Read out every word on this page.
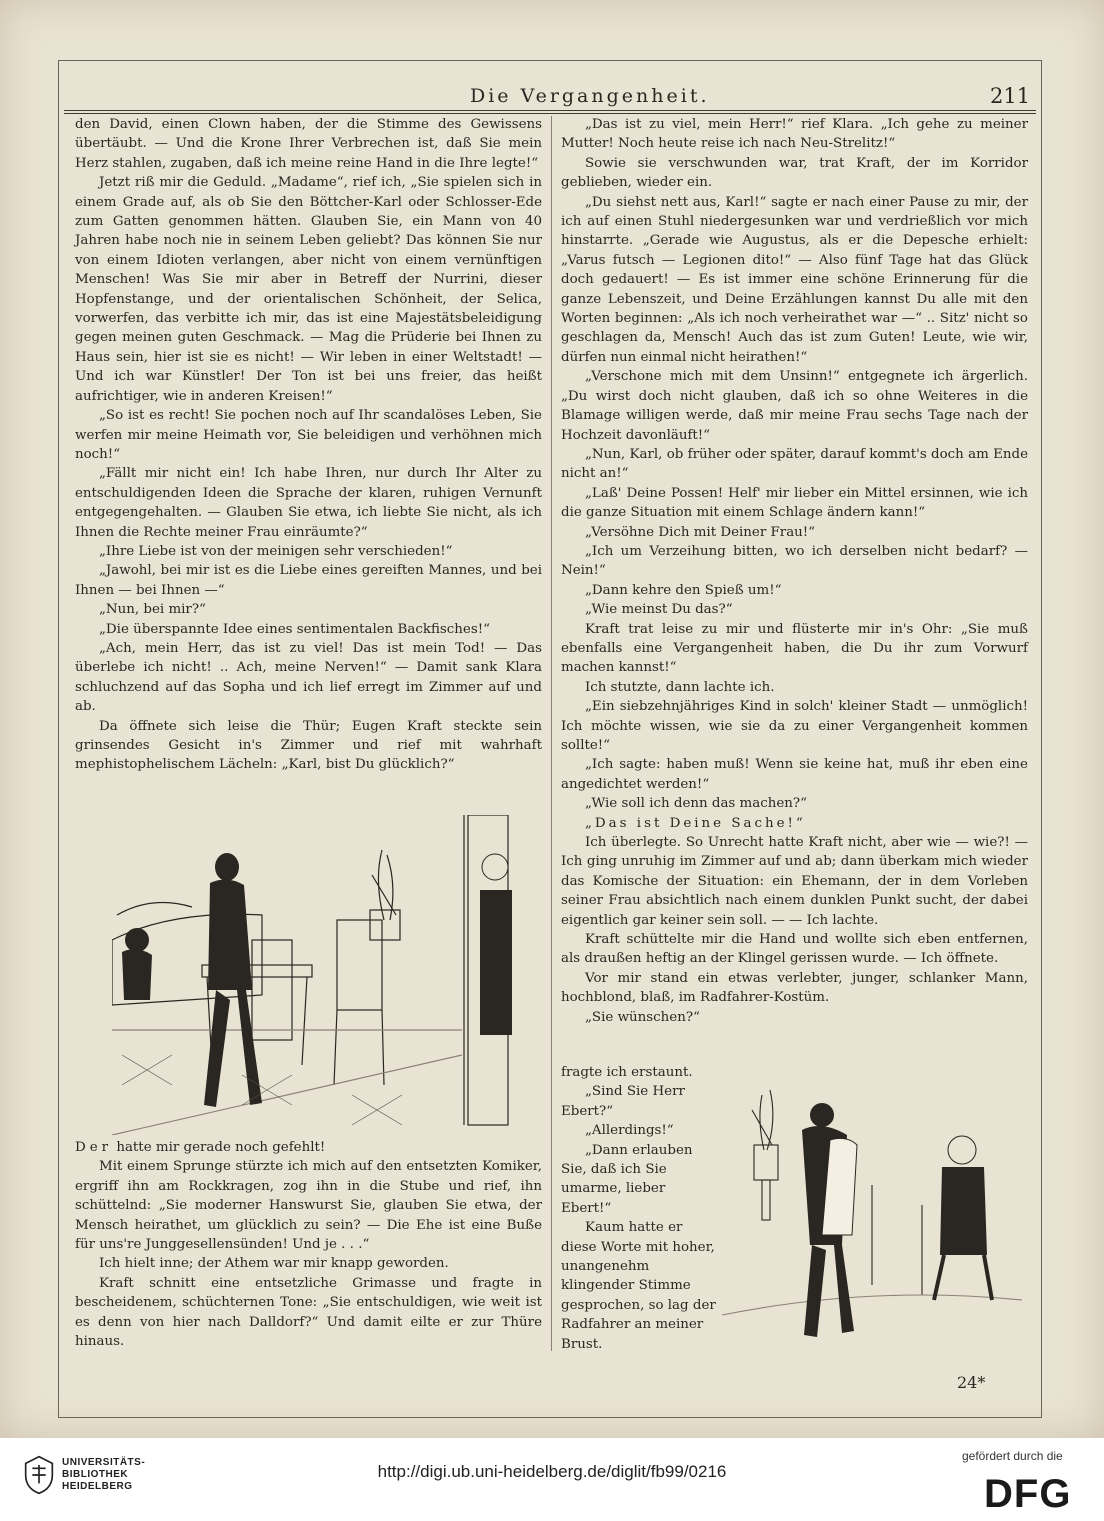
Die Vergangenheit.	211

den David, einen Clown haben, der die Stimme des Gewissens übertäubt. — Und die Krone Ihrer Verbrechen ist, daß Sie mein Herz stahlen, zugaben, daß ich meine reine Hand in die Ihre legte!“

Jetzt riß mir die Geduld. „Madame“, rief ich, „Sie spielen sich in einem Grade auf, als ob Sie den Böttcher-Karl oder Schlosser-Ede zum Gatten genommen hätten. Glauben Sie, ein Mann von 40 Jahren habe noch nie in seinem Leben geliebt? Das können Sie nur von einem Idioten verlangen, aber nicht von einem vernünftigen Menschen! Was Sie mir aber in Betreff der Nurrini, dieser Hopfenstange, und der orientalischen Schönheit, der Selica, vorwerfen, das verbitte ich mir, das ist eine Majestätsbeleidigung gegen meinen guten Geschmack. — Mag die Prüderie bei Ihnen zu Haus sein, hier ist sie es nicht! — Wir leben in einer Weltstadt! — Und ich war Künstler! Der Ton ist bei uns freier, das heißt aufrichtiger, wie in anderen Kreisen!“

„So ist es recht! Sie pochen noch auf Ihr scandalöses Leben, Sie werfen mir meine Heimath vor, Sie beleidigen und verhöhnen mich noch!“

„Fällt mir nicht ein! Ich habe Ihren, nur durch Ihr Alter zu entschuldigenden Ideen die Sprache der klaren, ruhigen Vernunft entgegengehalten. — Glauben Sie etwa, ich liebte Sie nicht, als ich Ihnen die Rechte meiner Frau einräumte?“

„Ihre Liebe ist von der meinigen sehr verschieden!“

„Jawohl, bei mir ist es die Liebe eines gereiften Mannes, und bei Ihnen — bei Ihnen —“

„Nun, bei mir?“

„Die überspannte Idee eines sentimentalen Backfisches!“

„Ach, mein Herr, das ist zu viel! Das ist mein Tod! — Das überlebe ich nicht! .. Ach, meine Nerven!“ — Damit sank Klara schluchzend auf das Sopha und ich lief erregt im Zimmer auf und ab.

Da öffnete sich leise die Thür; Eugen Kraft steckte sein grinsendes Gesicht in's Zimmer und rief mit wahrhaft mephistophelischem Lächeln: „Karl, bist Du glücklich?“

Der hatte mir gerade noch gefehlt!

Mit einem Sprunge stürzte ich mich auf den entsetzten Komiker, ergriff ihn am Rockkragen, zog ihn in die Stube und rief, ihn schüttelnd: „Sie moderner Hanswurst Sie, glauben Sie etwa, der Mensch heirathet, um glücklich zu sein? — Die Ehe ist eine Buße für uns're Junggesellensünden! Und je . . .“

Ich hielt inne; der Athem war mir knapp geworden.

Kraft schnitt eine entsetzliche Grimasse und fragte in bescheidenem, schüchternen Tone: „Sie entschuldigen, wie weit ist es denn von hier nach Dalldorf?“ Und damit eilte er zur Thüre hinaus.

„Das ist zu viel, mein Herr!“ rief Klara. „Ich gehe zu meiner Mutter! Noch heute reise ich nach Neu-Strelitz!“

Sowie sie verschwunden war, trat Kraft, der im Korridor geblieben, wieder ein.

„Du siehst nett aus, Karl!“ sagte er nach einer Pause zu mir, der ich auf einen Stuhl niedergesunken war und verdrießlich vor mich hinstarrte. „Gerade wie Augustus, als er die Depesche erhielt: „Varus futsch — Legionen dito!“ — Also fünf Tage hat das Glück doch gedauert! — Es ist immer eine schöne Erinnerung für die ganze Lebenszeit, und Deine Erzählungen kannst Du alle mit den Worten beginnen: „Als ich noch verheirathet war —“ .. Sitz' nicht so geschlagen da, Mensch! Auch das ist zum Guten! Leute, wie wir, dürfen nun einmal nicht heirathen!“

„Verschone mich mit dem Unsinn!“ entgegnete ich ärgerlich. „Du wirst doch nicht glauben, daß ich so ohne Weiteres in die Blamage willigen werde, daß mir meine Frau sechs Tage nach der Hochzeit davonläuft!“

„Nun, Karl, ob früher oder später, darauf kommt's doch am Ende nicht an!“

„Laß' Deine Possen! Helf' mir lieber ein Mittel ersinnen, wie ich die ganze Situation mit einem Schlage ändern kann!“

„Versöhne Dich mit Deiner Frau!“

„Ich um Verzeihung bitten, wo ich derselben nicht bedarf? — Nein!“

„Dann kehre den Spieß um!“

„Wie meinst Du das?“

Kraft trat leise zu mir und flüsterte mir in's Ohr: „Sie muß ebenfalls eine Vergangenheit haben, die Du ihr zum Vorwurf machen kannst!“

Ich stutzte, dann lachte ich.

„Ein siebzehnjähriges Kind in solch' kleiner Stadt — unmöglich! Ich möchte wissen, wie sie da zu einer Vergangenheit kommen sollte!“

„Ich sagte: haben muß! Wenn sie keine hat, muß ihr eben eine angedichtet werden!“

„Wie soll ich denn das machen?“

„Das ist Deine Sache!“

Ich überlegte. So Unrecht hatte Kraft nicht, aber wie — wie?! — Ich ging unruhig im Zimmer auf und ab; dann überkam mich wieder das Komische der Situation: ein Ehemann, der in dem Vorleben seiner Frau absichtlich nach einem dunklen Punkt sucht, der dabei eigentlich gar keiner sein soll. — — Ich lachte.

Kraft schüttelte mir die Hand und wollte sich eben entfernen, als draußen heftig an der Klingel gerissen wurde. — Ich öffnete.

Vor mir stand ein etwas verlebter, junger, schlanker Mann, hochblond, blaß, im Radfahrer-Kostüm.

„Sie wünschen?“

fragte ich erstaunt.

„Sind Sie Herr Ebert?“

„Allerdings!“

„Dann erlauben Sie, daß ich Sie umarme, lieber Ebert!“

Kaum hatte er diese Worte mit hoher, unangenehm klingender Stimme gesprochen, so lag der Radfahrer an meiner Brust.

24*
UNIVERSITÄTS-
BIBLIOTHEK
HEIDELBERG
http://digi.ub.uni-heidelberg.de/diglit/fb99/0216
gefördert durch die
DFG
